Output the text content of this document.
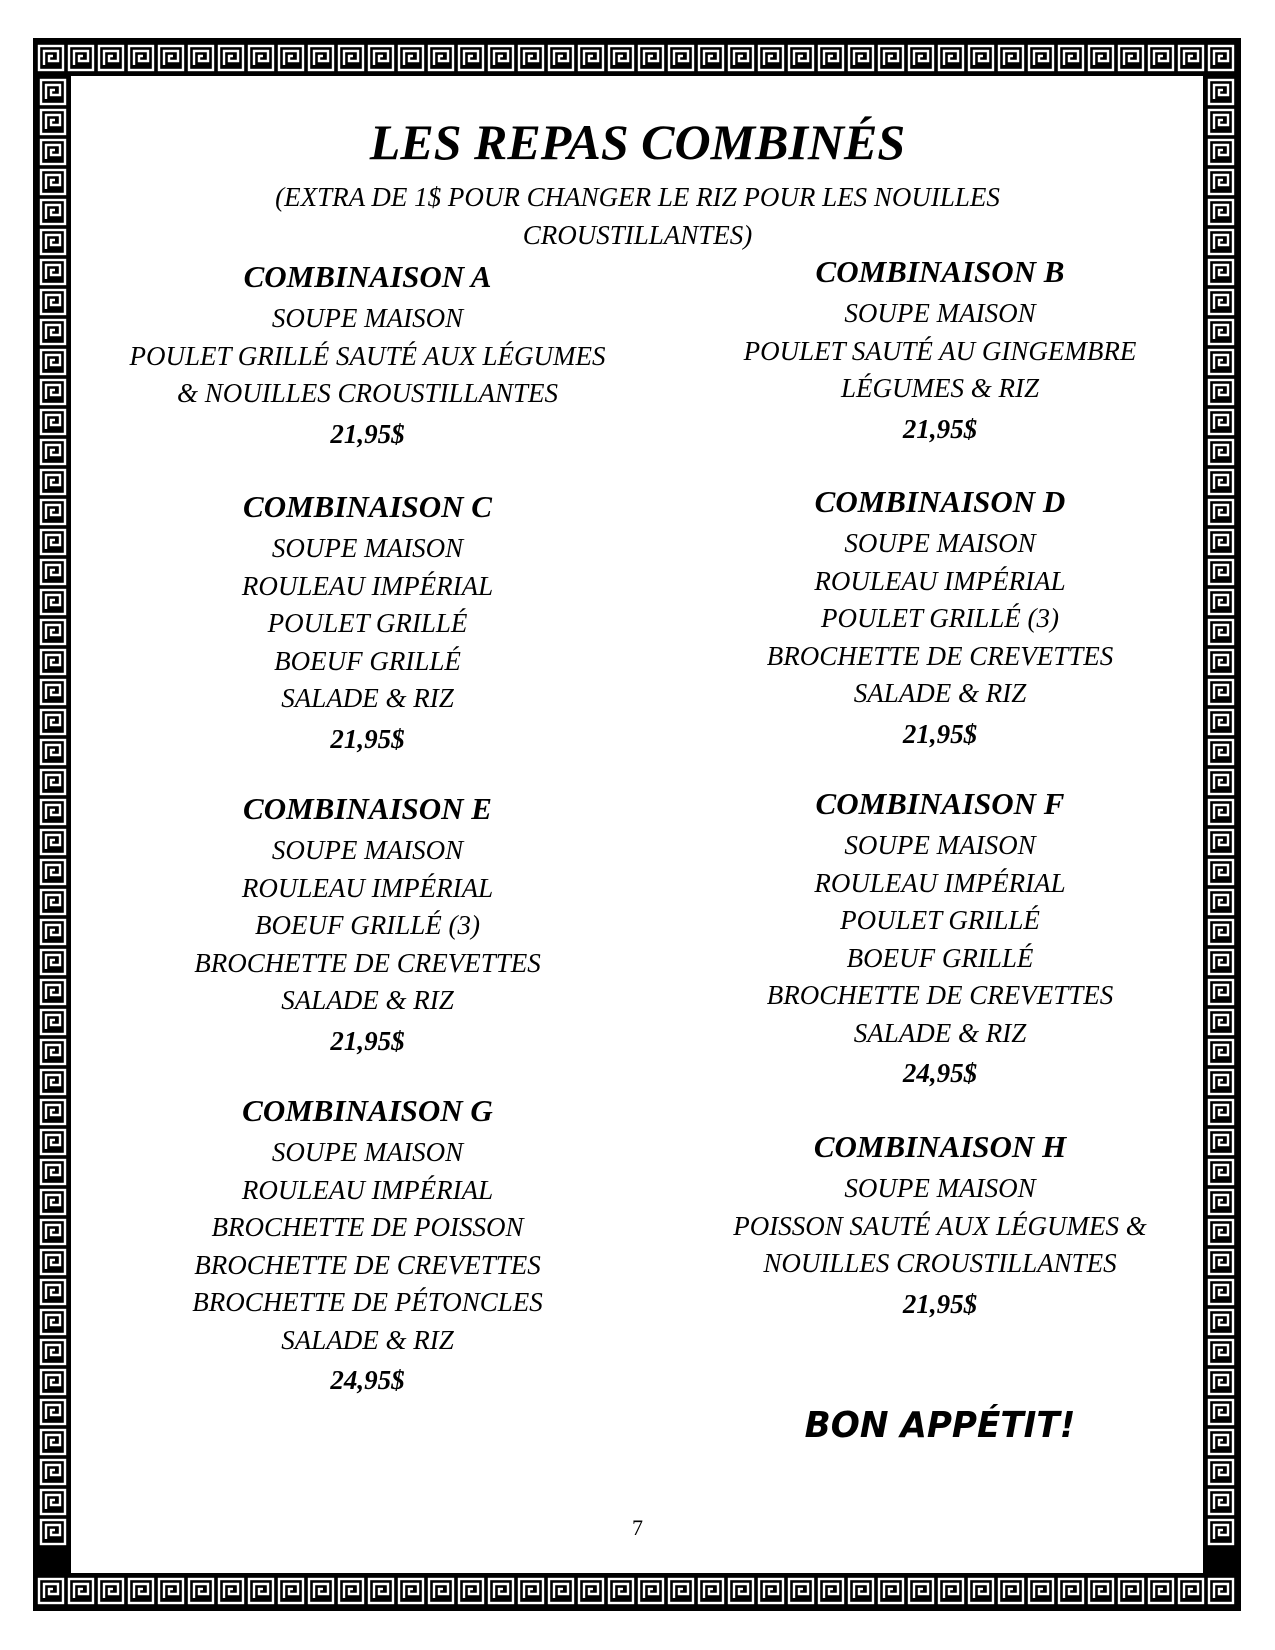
LES REPAS COMBINÉS
(EXTRA DE 1$ POUR CHANGER LE RIZ POUR LES NOUILLES CROUSTILLANTES)
COMBINAISON A
SOUPE MAISON
POULET GRILLÉ SAUTÉ AUX LÉGUMES
& NOUILLES CROUSTILLANTES
21,95$
COMBINAISON B
SOUPE MAISON
POULET SAUTÉ AU GINGEMBRE
LÉGUMES & RIZ
21,95$
COMBINAISON C
SOUPE MAISON
ROULEAU IMPÉRIAL
POULET GRILLÉ
BOEUF GRILLÉ
SALADE & RIZ
21,95$
COMBINAISON D
SOUPE MAISON
ROULEAU IMPÉRIAL
POULET GRILLÉ (3)
BROCHETTE DE CREVETTES
SALADE & RIZ
21,95$
COMBINAISON E
SOUPE MAISON
ROULEAU IMPÉRIAL
BOEUF GRILLÉ (3)
BROCHETTE DE CREVETTES
SALADE & RIZ
21,95$
COMBINAISON F
SOUPE MAISON
ROULEAU IMPÉRIAL
POULET GRILLÉ
BOEUF GRILLÉ
BROCHETTE DE CREVETTES
SALADE & RIZ
24,95$
COMBINAISON G
SOUPE MAISON
ROULEAU IMPÉRIAL
BROCHETTE DE POISSON
BROCHETTE DE CREVETTES
BROCHETTE DE PÉTONCLES
SALADE & RIZ
24,95$
COMBINAISON H
SOUPE MAISON
POISSON SAUTÉ AUX LÉGUMES &
NOUILLES CROUSTILLANTES
21,95$
BON APPÉTIT!
7
